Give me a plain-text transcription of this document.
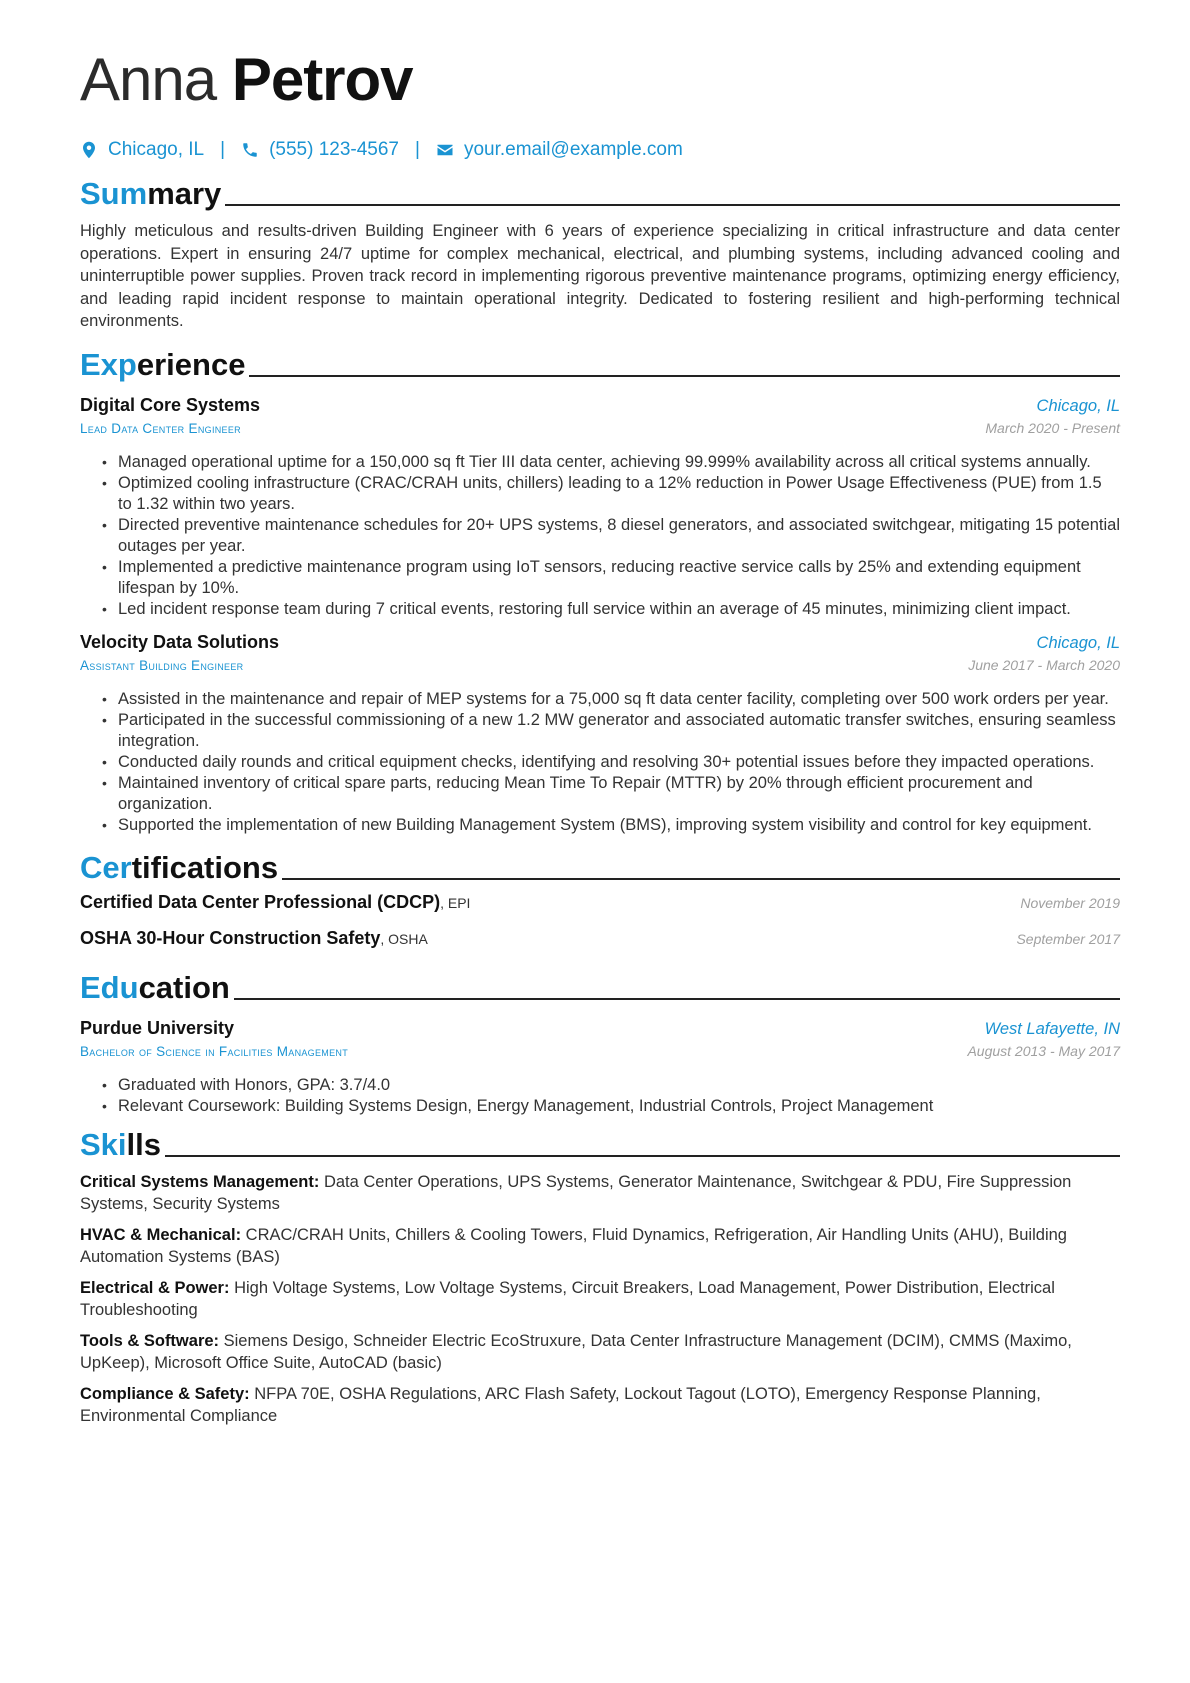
Anna Petrov
Chicago, IL | (555) 123-4567 | your.email@example.com
Summary
Highly meticulous and results-driven Building Engineer with 6 years of experience specializing in critical infrastructure and data center operations. Expert in ensuring 24/7 uptime for complex mechanical, electrical, and plumbing systems, including advanced cooling and uninterruptible power supplies. Proven track record in implementing rigorous preventive maintenance programs, optimizing energy efficiency, and leading rapid incident response to maintain operational integrity. Dedicated to fostering resilient and high-performing technical environments.
Experience
Digital Core Systems	Chicago, IL
Lead Data Center Engineer	March 2020 - Present
• Managed operational uptime for a 150,000 sq ft Tier III data center, achieving 99.999% availability across all critical systems annually.
• Optimized cooling infrastructure (CRAC/CRAH units, chillers) leading to a 12% reduction in Power Usage Effectiveness (PUE) from 1.5 to 1.32 within two years.
• Directed preventive maintenance schedules for 20+ UPS systems, 8 diesel generators, and associated switchgear, mitigating 15 potential outages per year.
• Implemented a predictive maintenance program using IoT sensors, reducing reactive service calls by 25% and extending equipment lifespan by 10%.
• Led incident response team during 7 critical events, restoring full service within an average of 45 minutes, minimizing client impact.
Velocity Data Solutions	Chicago, IL
Assistant Building Engineer	June 2017 - March 2020
• Assisted in the maintenance and repair of MEP systems for a 75,000 sq ft data center facility, completing over 500 work orders per year.
• Participated in the successful commissioning of a new 1.2 MW generator and associated automatic transfer switches, ensuring seamless integration.
• Conducted daily rounds and critical equipment checks, identifying and resolving 30+ potential issues before they impacted operations.
• Maintained inventory of critical spare parts, reducing Mean Time To Repair (MTTR) by 20% through efficient procurement and organization.
• Supported the implementation of new Building Management System (BMS), improving system visibility and control for key equipment.
Certifications
Certified Data Center Professional (CDCP), EPI	November 2019
OSHA 30-Hour Construction Safety, OSHA	September 2017
Education
Purdue University	West Lafayette, IN
Bachelor of Science in Facilities Management	August 2013 - May 2017
• Graduated with Honors, GPA: 3.7/4.0
• Relevant Coursework: Building Systems Design, Energy Management, Industrial Controls, Project Management
Skills
Critical Systems Management: Data Center Operations, UPS Systems, Generator Maintenance, Switchgear & PDU, Fire Suppression Systems, Security Systems
HVAC & Mechanical: CRAC/CRAH Units, Chillers & Cooling Towers, Fluid Dynamics, Refrigeration, Air Handling Units (AHU), Building Automation Systems (BAS)
Electrical & Power: High Voltage Systems, Low Voltage Systems, Circuit Breakers, Load Management, Power Distribution, Electrical Troubleshooting
Tools & Software: Siemens Desigo, Schneider Electric EcoStruxure, Data Center Infrastructure Management (DCIM), CMMS (Maximo, UpKeep), Microsoft Office Suite, AutoCAD (basic)
Compliance & Safety: NFPA 70E, OSHA Regulations, ARC Flash Safety, Lockout Tagout (LOTO), Emergency Response Planning, Environmental Compliance
